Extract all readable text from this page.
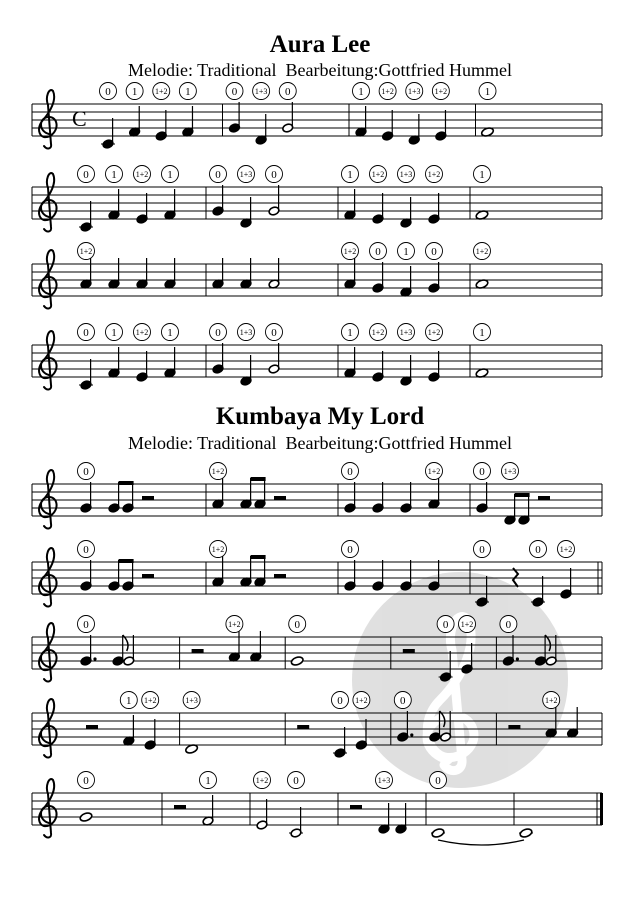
C
0 1 1+2 1	0 1+3 0	1 1+2 1+3 1+2	1
0 1 1+2 1	0 1+3 0	1 1+2 1+3 1+2	1
1+2	1+2 0 1 0	1+2
0 1 1+2 1	0 1+3 0	1 1+2 1+3 1+2	1
0	1+2	0	1+2	0 1+3
0	1+2	0	0	0 1+2
0	1+2	0	0 1+2	0
1 1+2	1+3	0 1+2	0	1+2
0	1	1+2 0	1+3	0
Aura Lee

Melodie: Traditional  Bearbeitung:Gottfried Hummel

Kumbaya My Lord

Melodie: Traditional  Bearbeitung:Gottfried Hummel
